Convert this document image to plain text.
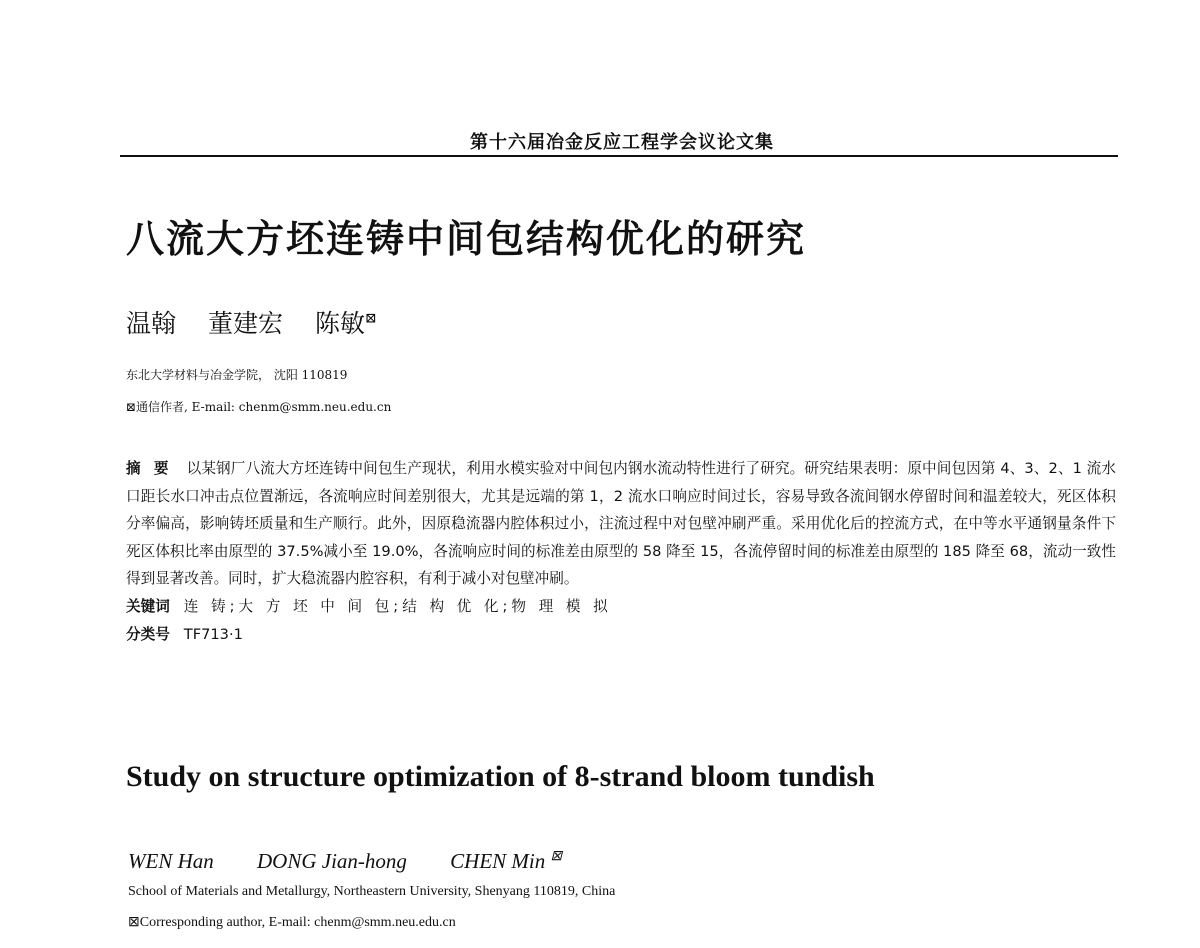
第十六届冶金反应工程学会议论文集
八流大方坯连铸中间包结构优化的研究
温翰 董建宏 陈敏⊠
东北大学材料与冶金学院， 沈阳 110819
⊠通信作者, E-mail: chenm@smm.neu.edu.cn

摘 要 以某钢厂八流大方坯连铸中间包生产现状，利用水模实验对中间包内钢水流动特性进行了研究。研究结果表明：原中间包因第 4、3、2、1 流水口距长水口冲击点位置渐远，各流响应时间差别很大，尤其是远端的第 1，2 流水口响应时间过长，容易导致各流间钢水停留时间和温差较大，死区体积分率偏高，影响铸坯质量和生产顺行。此外，因原稳流器内腔体积过小，注流过程中对包壁冲刷严重。采用优化后的控流方式，在中等水平通钢量条件下死区体积比率由原型的 37.5%减小至 19.0%，各流响应时间的标准差由原型的 58 降至 15，各流停留时间的标准差由原型的 185 降至 68，流动一致性得到显著改善。同时，扩大稳流器内腔容积，有利于减小对包壁冲刷。

关键词 连 铸;大 方 坯 中 间 包;结 构 优 化;物 理 模 拟
分类号 TF713·1
Study on structure optimization of 8-strand bloom tundish
WEN Han DONG Jian-hong CHEN Min ⊠
School of Materials and Metallurgy, Northeastern University, Shenyang 110819, China
⊠Corresponding author, E-mail: chenm@smm.neu.edu.cn
